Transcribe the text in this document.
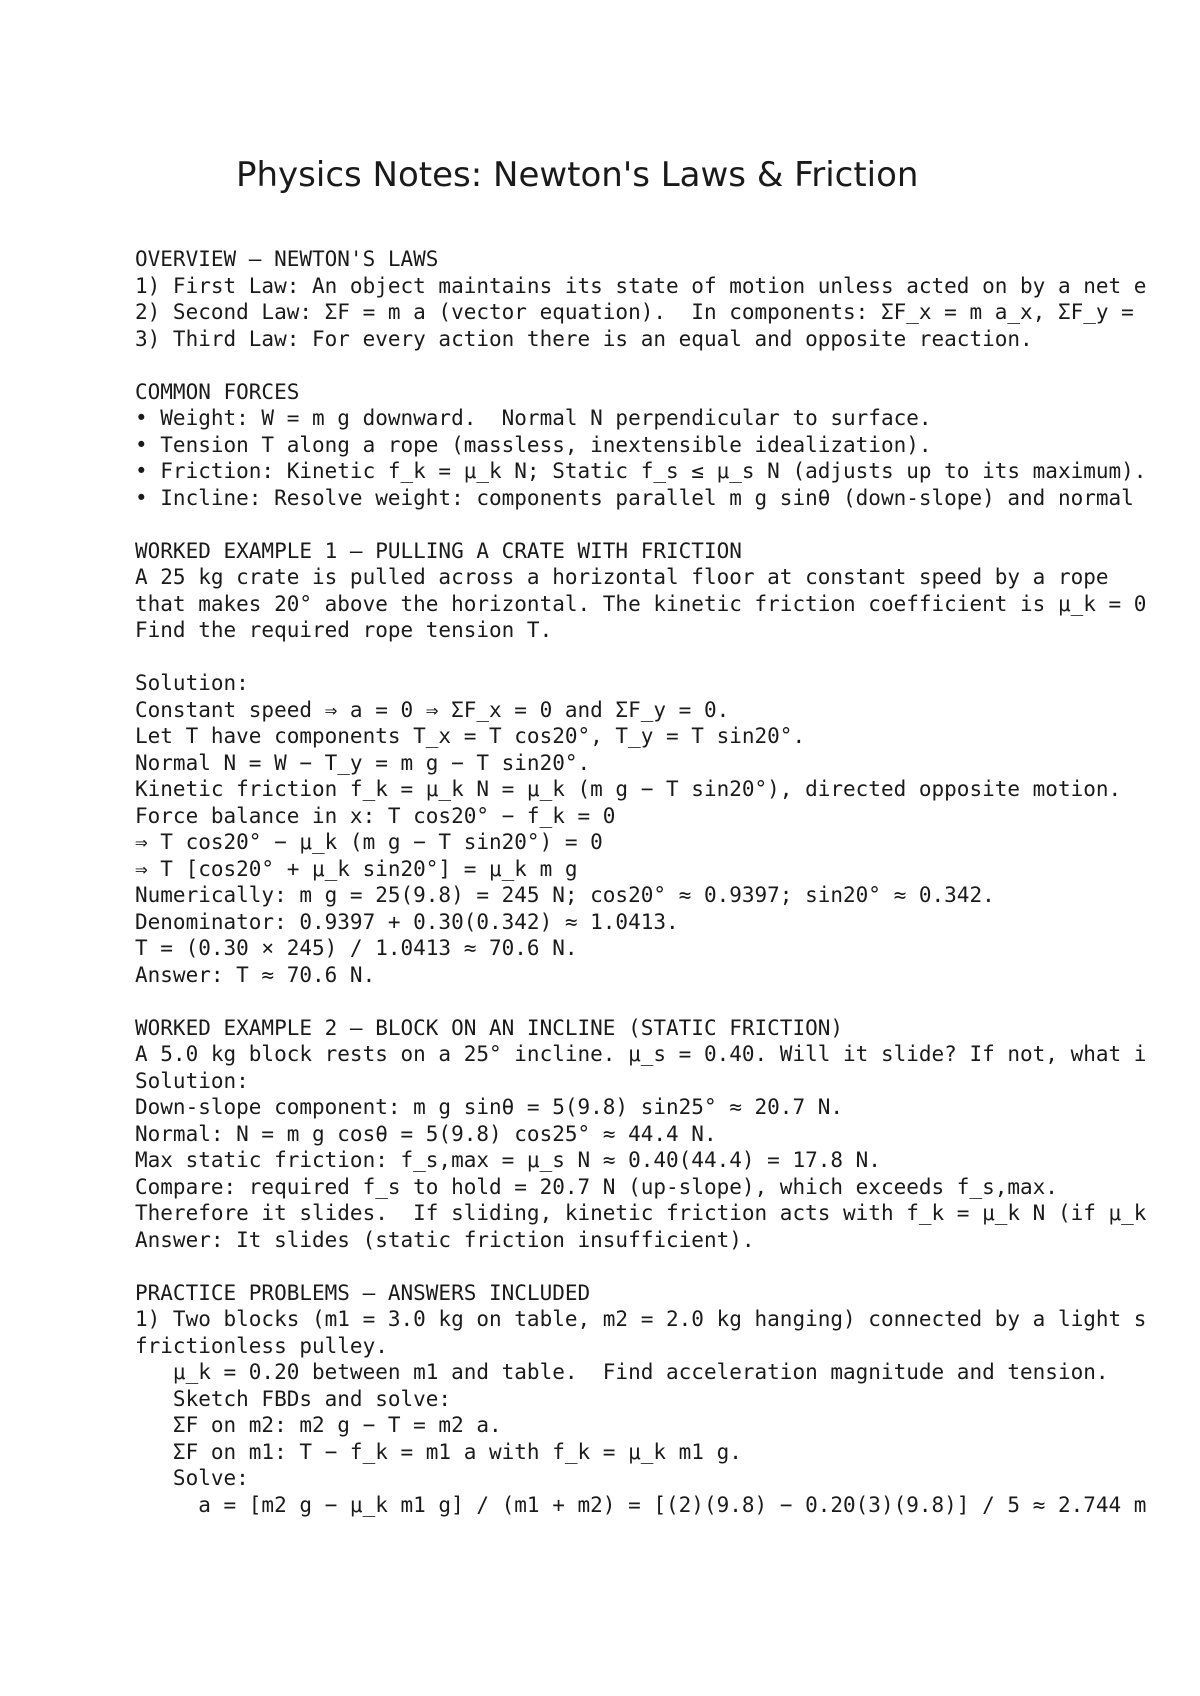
Physics Notes: Newton's Laws & Friction
OVERVIEW — NEWTON'S LAWS
1) First Law: An object maintains its state of motion unless acted on by a net e
2) Second Law: ΣF = m a (vector equation).  In components: ΣF_x = m a_x, ΣF_y =
3) Third Law: For every action there is an equal and opposite reaction.
COMMON FORCES
• Weight: W = m g downward.  Normal N perpendicular to surface.
• Tension T along a rope (massless, inextensible idealization).
• Friction: Kinetic f_k = μ_k N; Static f_s ≤ μ_s N (adjusts up to its maximum).
• Incline: Resolve weight: components parallel m g sinθ (down-slope) and normal
WORKED EXAMPLE 1 — PULLING A CRATE WITH FRICTION
A 25 kg crate is pulled across a horizontal floor at constant speed by a rope
that makes 20° above the horizontal. The kinetic friction coefficient is μ_k = 0
Find the required rope tension T.
Solution:
Constant speed ⇒ a = 0 ⇒ ΣF_x = 0 and ΣF_y = 0.
Let T have components T_x = T cos20°, T_y = T sin20°.
Normal N = W − T_y = m g − T sin20°.
Kinetic friction f_k = μ_k N = μ_k (m g − T sin20°), directed opposite motion.
Force balance in x: T cos20° − f_k = 0
⇒ T cos20° − μ_k (m g − T sin20°) = 0
⇒ T [cos20° + μ_k sin20°] = μ_k m g
Numerically: m g = 25(9.8) = 245 N; cos20° ≈ 0.9397; sin20° ≈ 0.342.
Denominator: 0.9397 + 0.30(0.342) ≈ 1.0413.
T = (0.30 × 245) / 1.0413 ≈ 70.6 N.
Answer: T ≈ 70.6 N.
WORKED EXAMPLE 2 — BLOCK ON AN INCLINE (STATIC FRICTION)
A 5.0 kg block rests on a 25° incline. μ_s = 0.40. Will it slide? If not, what i
Solution:
Down-slope component: m g sinθ = 5(9.8) sin25° ≈ 20.7 N.
Normal: N = m g cosθ = 5(9.8) cos25° ≈ 44.4 N.
Max static friction: f_s,max = μ_s N ≈ 0.40(44.4) = 17.8 N.
Compare: required f_s to hold = 20.7 N (up-slope), which exceeds f_s,max.
Therefore it slides.  If sliding, kinetic friction acts with f_k = μ_k N (if μ_k
Answer: It slides (static friction insufficient).
PRACTICE PROBLEMS — ANSWERS INCLUDED
1) Two blocks (m1 = 3.0 kg on table, m2 = 2.0 kg hanging) connected by a light s
frictionless pulley.
μ_k = 0.20 between m1 and table.  Find acceleration magnitude and tension.
Sketch FBDs and solve:
ΣF on m2: m2 g − T = m2 a.
ΣF on m1: T − f_k = m1 a with f_k = μ_k m1 g.
Solve:
a = [m2 g − μ_k m1 g] / (m1 + m2) = [(2)(9.8) − 0.20(3)(9.8)] / 5 ≈ 2.744 m
